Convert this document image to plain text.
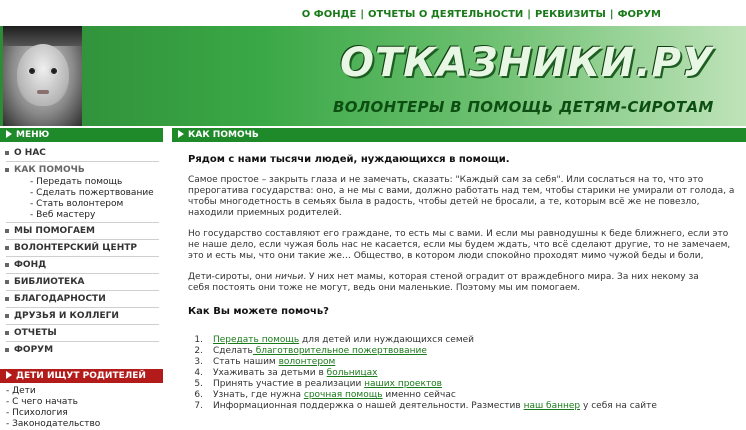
О ФОНДЕ | ОТЧЕТЫ О ДЕЯТЕЛЬНОСТИ | РЕКВИЗИТЫ | ФОРУМ
ОТКАЗНИКИ.РУ
ВОЛОНТЕРЫ В ПОМОЩЬ ДЕТЯМ-СИРОТАМ
МЕНЮ
О НАС
КАК ПОМОЧЬ
- Передать помощь
- Сделать пожертвование
- Стать волонтером
- Веб мастеру
МЫ ПОМОГАЕМ
ВОЛОНТЕРСКИЙ ЦЕНТР
ФОНД
БИБЛИОТЕКА
БЛАГОДАРНОСТИ
ДРУЗЬЯ И КОЛЛЕГИ
ОТЧЕТЫ
ФОРУМ
ДЕТИ ИЩУТ РОДИТЕЛЕЙ
- Дети
- С чего начать
- Психология
- Законодательство
КАК ПОМОЧЬ
Рядом с нами тысячи людей, нуждающихся в помощи.
Самое простое – закрыть глаза и не замечать, сказать: "Каждый сам за себя". Или сослаться на то, что это
прерогатива государства: оно, а не мы с вами, должно работать над тем, чтобы старики не умирали от голода, а
чтобы многодетность в семьях была в радость, чтобы детей не бросали, а те, которым всё же не повезло,
находили приемных родителей.
Но государство составляют его граждане, то есть мы с вами. И если мы равнодушны к беде ближнего, если это
не наше дело, если чужая боль нас не касается, если мы будем ждать, что всё сделают другие, то не замечаем,
это и есть мы, что они такие же… Общество, в котором люди спокойно проходят мимо чужой беды и боли,
Дети-сироты, они ничьи. У них нет мамы, которая стеной оградит от враждебного мира. За них некому за
себя постоять они тоже не могут, ведь они маленькие. Поэтому мы им помогаем.
Как Вы можете помочь?
1. Передать помощь для детей или нуждающихся семей
2. Сделать благотворительное пожертвование
3. Стать нашим волонтером
4. Ухаживать за детьми в больницах
5. Принять участие в реализации наших проектов
6. Узнать, где нужна срочная помощь именно сейчас
7. Информационная поддержка о нашей деятельности. Разместив наш баннер у себя на сайте
